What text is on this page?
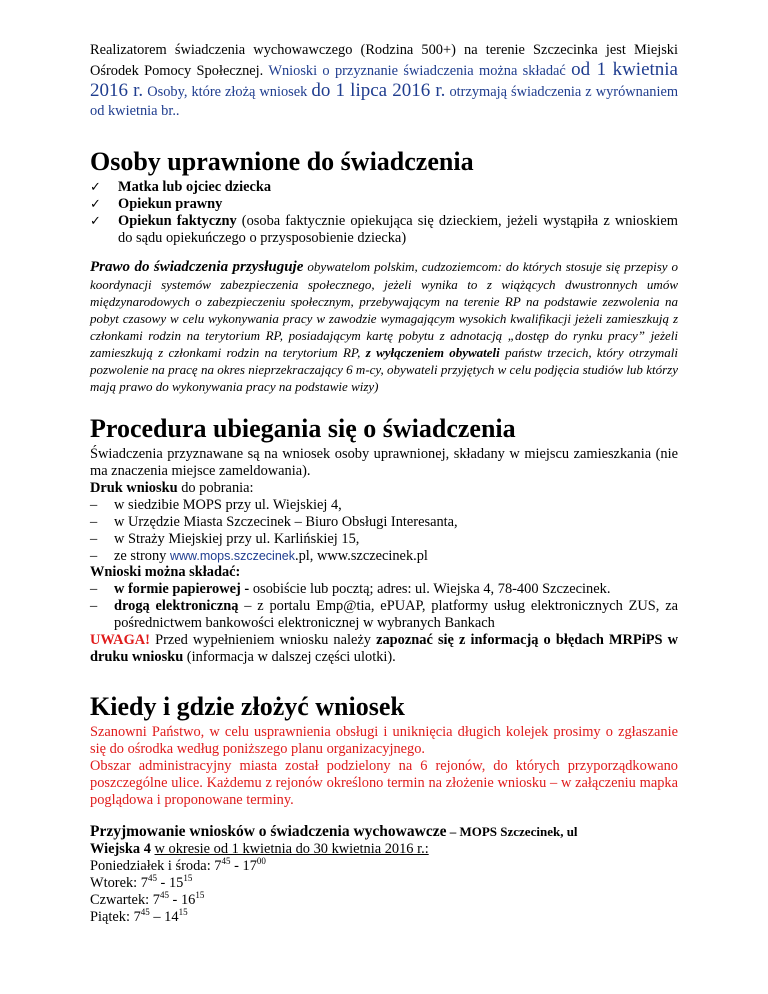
Realizatorem świadczenia wychowawczego (Rodzina 500+) na terenie Szczecinka jest Miejski Ośrodek Pomocy Społecznej. Wnioski o przyznanie świadczenia można składać od 1 kwietnia 2016 r. Osoby, które złożą wniosek do 1 lipca 2016 r. otrzymają świadczenia z wyrównaniem od kwietnia br..
Osoby uprawnione do świadczenia
✓ Matka lub ojciec dziecka
✓ Opiekun prawny
✓ Opiekun faktyczny (osoba faktycznie opiekująca się dzieckiem, jeżeli wystąpiła z wnioskiem do sądu opiekuńczego o przysposobienie dziecka)
Prawo do świadczenia przysługuje obywatelom polskim, cudzoziemcom: do których stosuje się przepisy o koordynacji systemów zabezpieczenia społecznego, jeżeli wynika to z wiążących dwustronnych umów międzynarodowych o zabezpieczeniu społecznym, przebywającym na terenie RP na podstawie zezwolenia na pobyt czasowy w celu wykonywania pracy w zawodzie wymagającym wysokich kwalifikacji jeżeli zamieszkują z członkami rodzin na terytorium RP, posiadającym kartę pobytu z adnotacją „dostęp do rynku pracy” jeżeli zamieszkują z członkami rodzin na terytorium RP, z wyłączeniem obywateli państw trzecich, który otrzymali pozwolenie na pracę na okres nieprzekraczający 6 m-cy, obywateli przyjętych w celu podjęcia studiów lub którzy mają prawo do wykonywania pracy na podstawie wizy)
Procedura ubiegania się o świadczenia
Świadczenia przyznawane są na wniosek osoby uprawnionej, składany w miejscu zamieszkania (nie ma znaczenia miejsce zameldowania).
Druk wniosku do pobrania:
– w siedzibie MOPS przy ul. Wiejskiej 4,
– w Urzędzie Miasta Szczecinek – Biuro Obsługi Interesanta,
– w Straży Miejskiej przy ul. Karlińskiej 15,
– ze strony www.mops.szczecinek.pl, www.szczecinek.pl
Wnioski można składać:
– w formie papierowej - osobiście lub pocztą; adres: ul. Wiejska 4, 78-400 Szczecinek.
– drogą elektroniczną – z portalu Emp@tia, ePUAP, platformy usług elektronicznych ZUS, za pośrednictwem bankowości elektronicznej w wybranych Bankach
UWAGA! Przed wypełnieniem wniosku należy zapoznać się z informacją o błędach MRPiPS w druku wniosku (informacja w dalszej części ulotki).
Kiedy i gdzie złożyć wniosek
Szanowni Państwo, w celu usprawnienia obsługi i uniknięcia długich kolejek prosimy o zgłaszanie się do ośrodka według poniższego planu organizacyjnego.
Obszar administracyjny miasta został podzielony na 6 rejonów, do których przyporządkowano poszczególne ulice. Każdemu z rejonów określono termin na złożenie wniosku – w załączeniu mapka poglądowa i proponowane terminy.
Przyjmowanie wniosków o świadczenia wychowawcze – MOPS Szczecinek, ul
Wiejska 4 w okresie od 1 kwietnia do 30 kwietnia 2016 r.:
Poniedziałek i środa: $7^{45} - 17^{00}$
Wtorek: $7^{45} - 15^{15}$
Czwartek: $7^{45} - 16^{15}$
Piątek: $7^{45} - 14^{15}$
